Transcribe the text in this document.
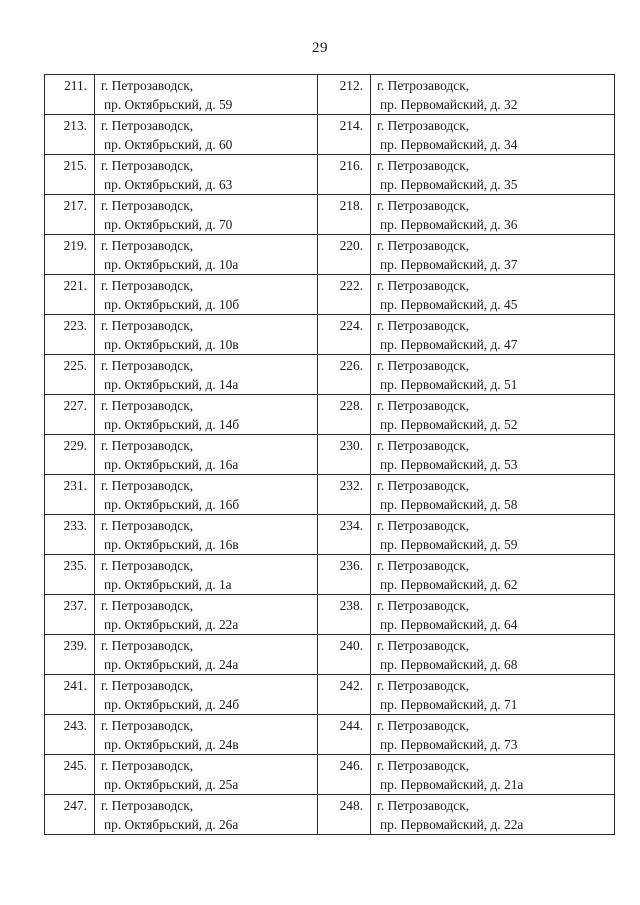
29
211.	г. Петрозаводск,
пр. Октябрьский, д. 59	212.	г. Петрозаводск,
пр. Первомайский, д. 32

213.	г. Петрозаводск,
пр. Октябрьский, д. 60	214.	г. Петрозаводск,
пр. Первомайский, д. 34

215.	г. Петрозаводск,
пр. Октябрьский, д. 63	216.	г. Петрозаводск,
пр. Первомайский, д. 35

217.	г. Петрозаводск,
пр. Октябрьский, д. 70	218.	г. Петрозаводск,
пр. Первомайский, д. 36

219.	г. Петрозаводск,
пр. Октябрьский, д. 10а	220.	г. Петрозаводск,
пр. Первомайский, д. 37

221.	г. Петрозаводск,
пр. Октябрьский, д. 10б	222.	г. Петрозаводск,
пр. Первомайский, д. 45

223.	г. Петрозаводск,
пр. Октябрьский, д. 10в	224.	г. Петрозаводск,
пр. Первомайский, д. 47

225.	г. Петрозаводск,
пр. Октябрьский, д. 14а	226.	г. Петрозаводск,
пр. Первомайский, д. 51

227.	г. Петрозаводск,
пр. Октябрьский, д. 14б	228.	г. Петрозаводск,
пр. Первомайский, д. 52

229.	г. Петрозаводск,
пр. Октябрьский, д. 16а	230.	г. Петрозаводск,
пр. Первомайский, д. 53

231.	г. Петрозаводск,
пр. Октябрьский, д. 16б	232.	г. Петрозаводск,
пр. Первомайский, д. 58

233.	г. Петрозаводск,
пр. Октябрьский, д. 16в	234.	г. Петрозаводск,
пр. Первомайский, д. 59

235.	г. Петрозаводск,
пр. Октябрьский, д. 1а	236.	г. Петрозаводск,
пр. Первомайский, д. 62

237.	г. Петрозаводск,
пр. Октябрьский, д. 22а	238.	г. Петрозаводск,
пр. Первомайский, д. 64

239.	г. Петрозаводск,
пр. Октябрьский, д. 24а	240.	г. Петрозаводск,
пр. Первомайский, д. 68

241.	г. Петрозаводск,
пр. Октябрьский, д. 24б	242.	г. Петрозаводск,
пр. Первомайский, д. 71

243.	г. Петрозаводск,
пр. Октябрьский, д. 24в	244.	г. Петрозаводск,
пр. Первомайский, д. 73

245.	г. Петрозаводск,
пр. Октябрьский, д. 25а	246.	г. Петрозаводск,
пр. Первомайский, д. 21а

247.	г. Петрозаводск,
пр. Октябрьский, д. 26а	248.	г. Петрозаводск,
пр. Первомайский, д. 22а
